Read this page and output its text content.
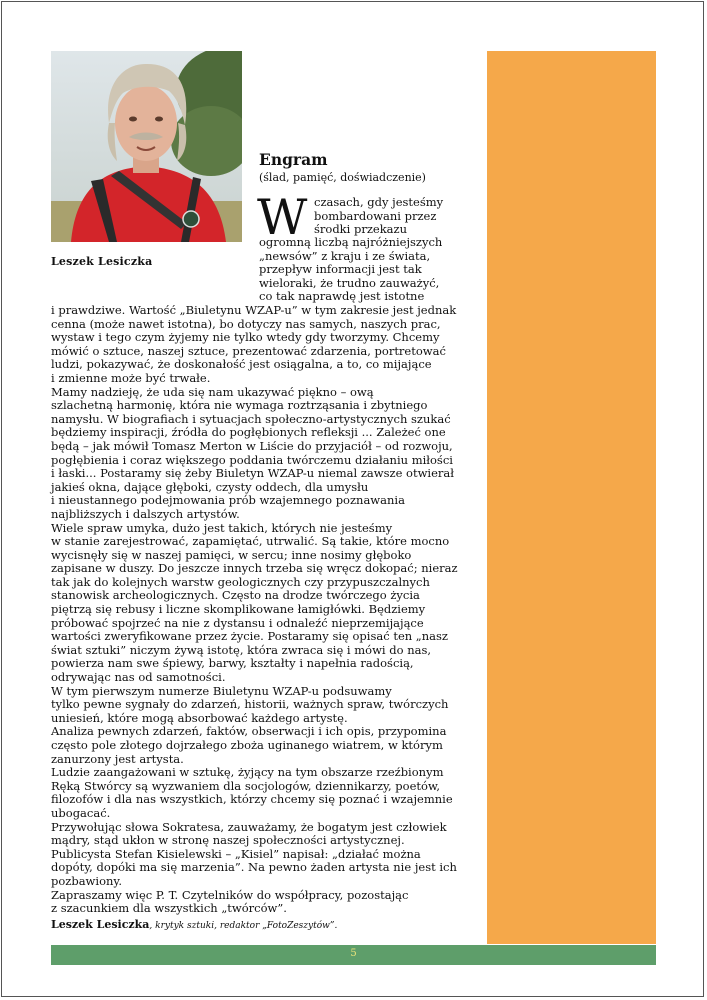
Leszek Lesiczka
Engram
(ślad, pamięć, doświadczenie)
W czasach, gdy jesteśmy
bombardowani przez
środki przekazu
ogromną liczbą najróżniejszych
„newsów” z kraju i ze świata,
przepływ informacji jest tak
wieloraki, że trudno zauważyć,
co tak naprawdę jest istotne
i prawdziwe. Wartość „Biuletynu WZAP-u” w tym zakresie jest jednak
cenna (może nawet istotna), bo dotyczy nas samych, naszych prac,
wystaw i tego czym żyjemy nie tylko wtedy gdy tworzymy. Chcemy
mówić o sztuce, naszej sztuce, prezentować zdarzenia, portretować
ludzi, pokazywać, że doskonałość jest osiągalna, a to, co mijające
i zmienne może być trwałe.
Mamy nadzieję, że uda się nam ukazywać piękno – ową
szlachetną harmonię, która nie wymaga roztrząsania i zbytniego
namysłu. W biografiach i sytuacjach społeczno-artystycznych szukać
będziemy inspiracji, źródła do pogłębionych refleksji ... Zależeć one
będą – jak mówił Tomasz Merton w Liście do przyjaciół – od rozwoju,
pogłębienia i coraz większego poddania twórczemu działaniu miłości
i łaski... Postaramy się żeby Biuletyn WZAP-u niemal zawsze otwierał
jakieś okna, dające głęboki, czysty oddech, dla umysłu
i nieustannego podejmowania prób wzajemnego poznawania
najbliższych i dalszych artystów.
Wiele spraw umyka, dużo jest takich, których nie jesteśmy
w stanie zarejestrować, zapamiętać, utrwalić. Są takie, które mocno
wycisnęły się w naszej pamięci, w sercu; inne nosimy głęboko
zapisane w duszy. Do jeszcze innych trzeba się wręcz dokopać; nieraz
tak jak do kolejnych warstw geologicznych czy przypuszczalnych
stanowisk archeologicznych. Często na drodze twórczego życia
piętrzą się rebusy i liczne skomplikowane łamigłówki. Będziemy
próbować spojrzeć na nie z dystansu i odnaleźć nieprzemijające
wartości zweryfikowane przez życie. Postaramy się opisać ten „nasz
świat sztuki” niczym żywą istotę, która zwraca się i mówi do nas,
powierza nam swe śpiewy, barwy, kształty i napełnia radością,
odrywając nas od samotności.
W tym pierwszym numerze Biuletynu WZAP-u podsuwamy
tylko pewne sygnały do zdarzeń, historii, ważnych spraw, twórczych
uniesień, które mogą absorbować każdego artystę.
Analiza pewnych zdarzeń, faktów, obserwacji i ich opis, przypomina
często pole złotego dojrzałego zboża uginanego wiatrem, w którym
zanurzony jest artysta.
Ludzie zaangażowani w sztukę, żyjący na tym obszarze rzeźbionym
Ręką Stwórcy są wyzwaniem dla socjologów, dziennikarzy, poetów,
filozofów i dla nas wszystkich, którzy chcemy się poznać i wzajemnie
ubogacać.
Przywołując słowa Sokratesa, zauważamy, że bogatym jest człowiek
mądry, stąd ukłon w stronę naszej społeczności artystycznej.
Publicysta Stefan Kisielewski – „Kisiel” napisał: „działać można
dopóty, dopóki ma się marzenia”. Na pewno żaden artysta nie jest ich
pozbawiony.
Zapraszamy więc P. T. Czytelników do współpracy, pozostając
z szacunkiem dla wszystkich „twórców”.
Leszek Lesiczka, krytyk sztuki, redaktor „FotoZeszytów”.
5
